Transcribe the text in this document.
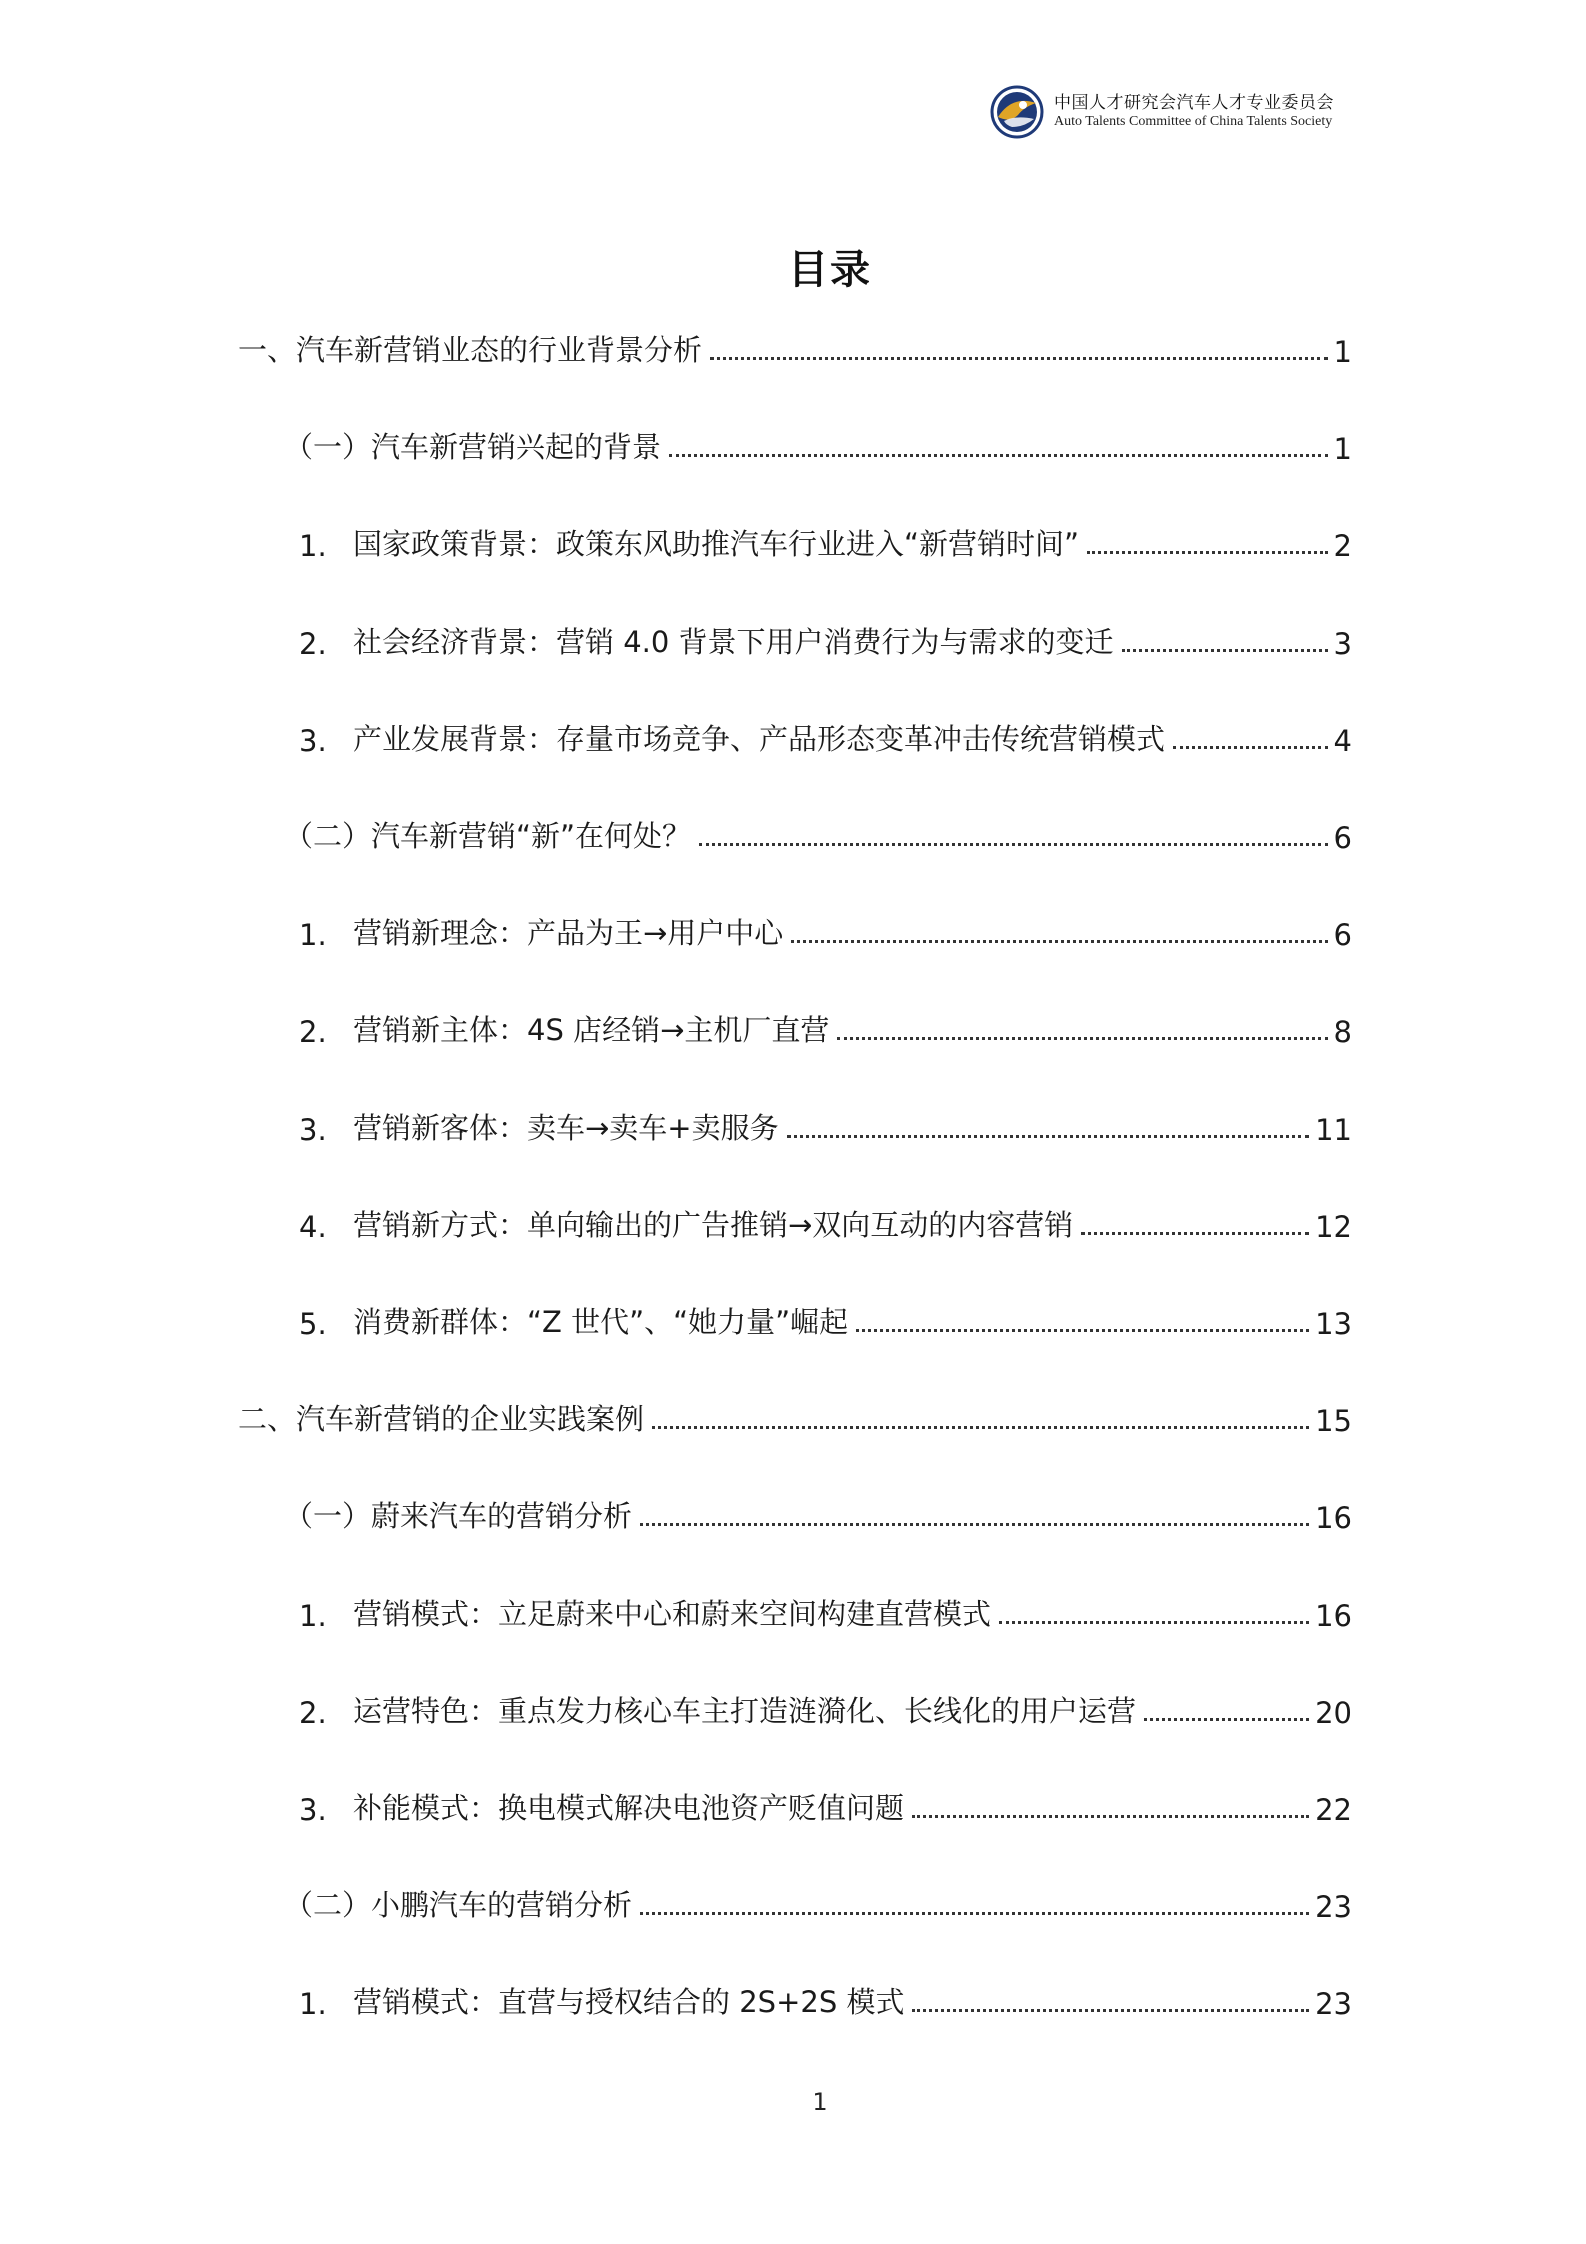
中国人才研究会汽车人才专业委员会
Auto Talents Committee of China Talents Society
目录
一、汽车新营销业态的行业背景分析	1
（一）汽车新营销兴起的背景	1
1. 国家政策背景：政策东风助推汽车行业进入“新营销时间”	2
2. 社会经济背景：营销 4.0 背景下用户消费行为与需求的变迁	3
3. 产业发展背景：存量市场竞争、产品形态变革冲击传统营销模式	4
（二）汽车新营销“新”在何处？	6
1. 营销新理念：产品为王→用户中心	6
2. 营销新主体：4S 店经销→主机厂直营	8
3. 营销新客体：卖车→卖车+卖服务	11
4. 营销新方式：单向输出的广告推销→双向互动的内容营销	12
5. 消费新群体：“Z 世代”、“她力量”崛起	13
二、汽车新营销的企业实践案例	15
（一）蔚来汽车的营销分析	16
1. 营销模式：立足蔚来中心和蔚来空间构建直营模式	16
2. 运营特色：重点发力核心车主打造涟漪化、长线化的用户运营	20
3. 补能模式：换电模式解决电池资产贬值问题	22
（二）小鹏汽车的营销分析	23
1. 营销模式：直营与授权结合的 2S+2S 模式	23
1
